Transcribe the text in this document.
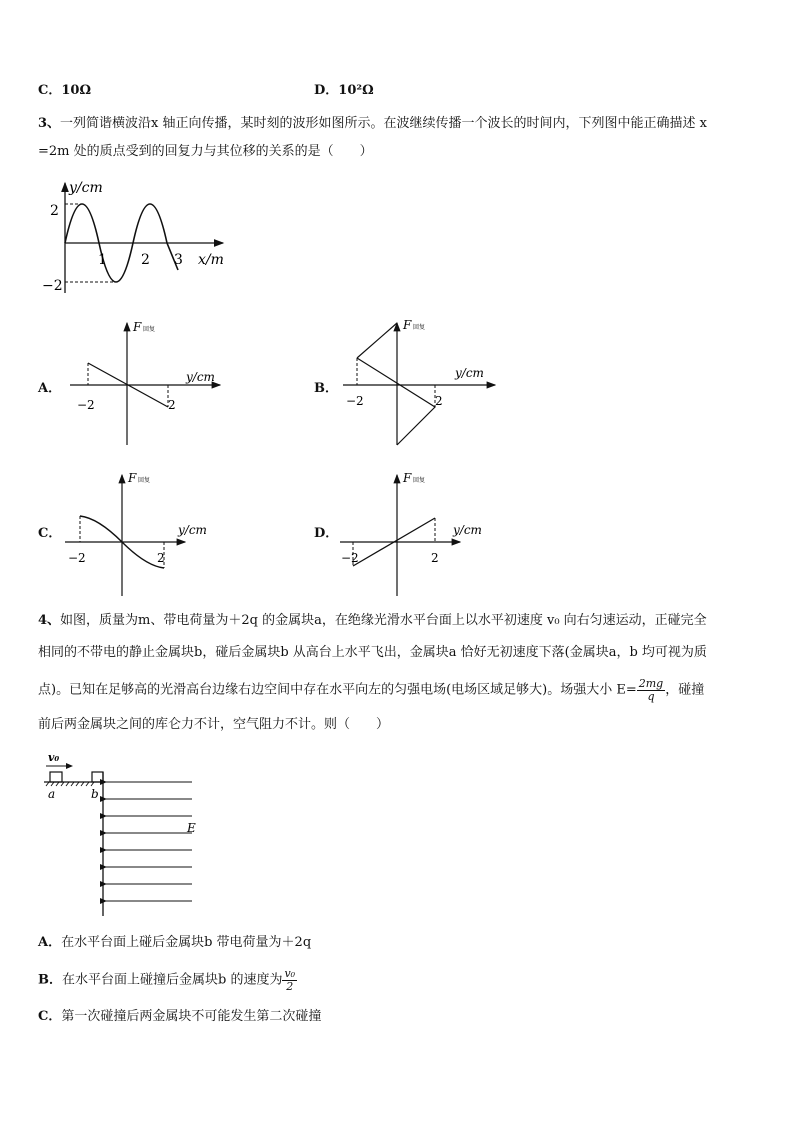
C．10Ω	D．10²Ω
3、一列简谐横波沿x 轴正向传播，某时刻的波形如图所示。在波继续传播一个波长的时间内，下列图中能正确描述 x
=2m 处的质点受到的回复力与其位移的关系的是（　　）
2
−2
y/cm
1 2 3 x/m
A．
F 回复
y/cm
−2	2
B．
F 回复
y/cm
−2	2
C．
F 回复
y/cm
−2	2
D．
F 回复
y/cm
−2	2
4、如图，质量为m、带电荷量为＋2q 的金属块a，在绝缘光滑水平台面上以水平初速度 v₀ 向右匀速运动，正碰完全
相同的不带电的静止金属块b，碰后金属块b 从高台上水平飞出，金属块a 恰好无初速度下落(金属块a，b 均可视为质
点)。已知在足够高的光滑高台边缘右边空间中存在水平向左的匀强电场(电场区域足够大)。场强大小 $E= \frac{2mg}{q}$ ，碰撞
前后两金属块之间的库仑力不计，空气阻力不计。则（　　）
v₀
a	b
E
A．在水平台面上碰后金属块b 带电荷量为＋2q
B．在水平台面上碰撞后金属块b 的速度为 $\frac{\text{v₀}}{2}$
C．第一次碰撞后两金属块不可能发生第二次碰撞
